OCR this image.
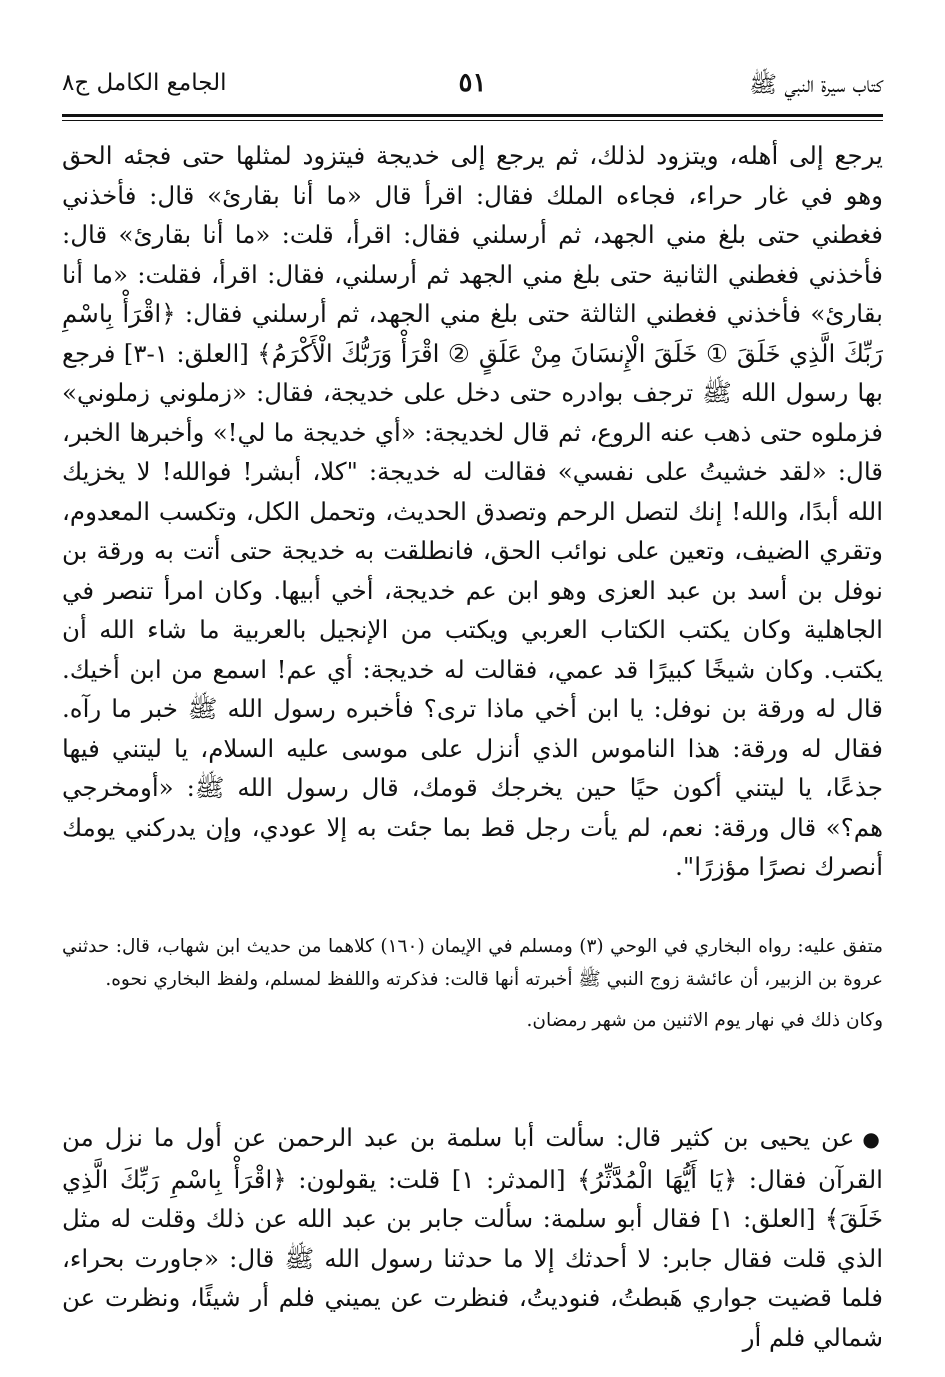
كتاب سيرة النبي ﷺ
٥١
الجامع الكامل ج٨

يرجع إلى أهله، ويتزود لذلك، ثم يرجع إلى خديجة فيتزود لمثلها حتى فجئه الحق وهو في غار حراء، فجاءه الملك فقال: اقرأ قال «ما أنا بقارئ» قال: فأخذني فغطني حتى بلغ مني الجهد، ثم أرسلني فقال: اقرأ، قلت: «ما أنا بقارئ» قال: فأخذني فغطني الثانية حتى بلغ مني الجهد ثم أرسلني، فقال: اقرأ، فقلت: «ما أنا بقارئ» فأخذني فغطني الثالثة حتى بلغ مني الجهد، ثم أرسلني فقال: ﴿اقْرَأْ بِاسْمِ رَبِّكَ الَّذِي خَلَقَ ① خَلَقَ الْإِنسَانَ مِنْ عَلَقٍ ② اقْرَأْ وَرَبُّكَ الْأَكْرَمُ﴾ [العلق: ١-٣] فرجع بها رسول الله ﷺ ترجف بوادره حتى دخل على خديجة، فقال: «زملوني زملوني» فزملوه حتى ذهب عنه الروع، ثم قال لخديجة: «أي خديجة ما لي!» وأخبرها الخبر، قال: «لقد خشيتُ على نفسي» فقالت له خديجة: "كلا، أبشر! فوالله! لا يخزيك الله أبدًا، والله! إنك لتصل الرحم وتصدق الحديث، وتحمل الكل، وتكسب المعدوم، وتقري الضيف، وتعين على نوائب الحق، فانطلقت به خديجة حتى أتت به ورقة بن نوفل بن أسد بن عبد العزى وهو ابن عم خديجة، أخي أبيها. وكان امرأ تنصر في الجاهلية وكان يكتب الكتاب العربي ويكتب من الإنجيل بالعربية ما شاء الله أن يكتب. وكان شيخًا كبيرًا قد عمي، فقالت له خديجة: أي عم! اسمع من ابن أخيك. قال له ورقة بن نوفل: يا ابن أخي ماذا ترى؟ فأخبره رسول الله ﷺ خبر ما رآه. فقال له ورقة: هذا الناموس الذي أنزل على موسى عليه السلام، يا ليتني فيها جذعًا، يا ليتني أكون حيًا حين يخرجك قومك، قال رسول الله ﷺ: «أومخرجي هم؟» قال ورقة: نعم، لم يأت رجل قط بما جئت به إلا عودي، وإن يدركني يومك أنصرك نصرًا مؤزرًا".

متفق عليه: رواه البخاري في الوحي (٣) ومسلم في الإيمان (١٦٠) كلاهما من حديث ابن شهاب، قال: حدثني عروة بن الزبير، أن عائشة زوج النبي ﷺ أخبرته أنها قالت: فذكرته واللفظ لمسلم، ولفظ البخاري نحوه.

وكان ذلك في نهار يوم الاثنين من شهر رمضان.

●عن يحيى بن كثير قال: سألت أبا سلمة بن عبد الرحمن عن أول ما نزل من القرآن فقال: ﴿يَا أَيُّهَا الْمُدَّثِّرُ﴾ [المدثر: ١] قلت: يقولون: ﴿اقْرَأْ بِاسْمِ رَبِّكَ الَّذِي خَلَقَ﴾ [العلق: ١] فقال أبو سلمة: سألت جابر بن عبد الله عن ذلك وقلت له مثل الذي قلت فقال جابر: لا أحدثك إلا ما حدثنا رسول الله ﷺ قال: «جاورت بحراء، فلما قضيت جواري هَبطتُ، فنوديتُ، فنظرت عن يميني فلم أر شيئًا، ونظرت عن شمالي فلم أر
